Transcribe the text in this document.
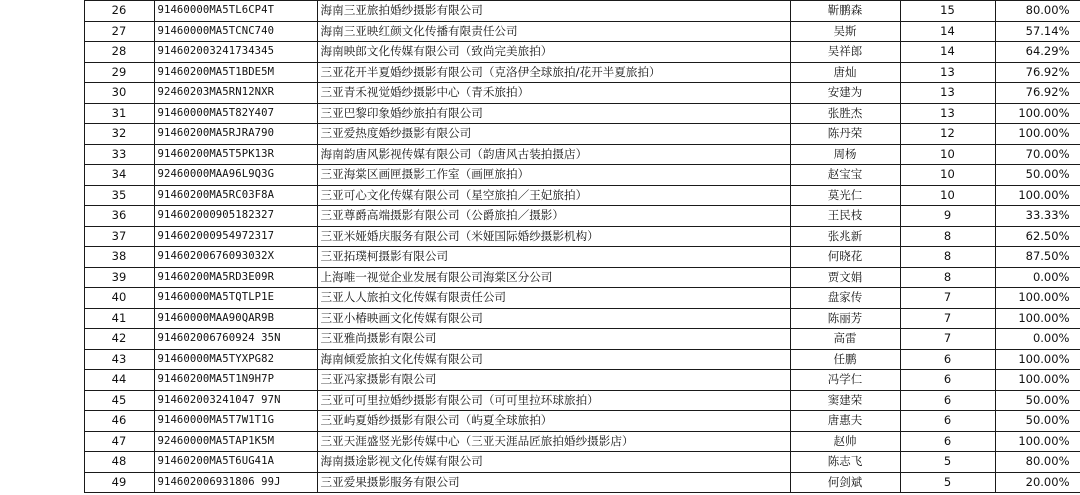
	26	91460000MA5TL6CP4T	海南三亚旅拍婚纱摄影有限公司	靳鹏森	15	80.00%
	27	91460000MA5TCNC740	海南三亚映红颜文化传播有限责任公司	吴斯	14	57.14%
	28	914602003241734345	海南映郎文化传媒有限公司（致尚完美旅拍）	吴祥郎	14	64.29%
	29	91460200MA5T1BDE5M	三亚花开半夏婚纱摄影有限公司（克洛伊全球旅拍/花开半夏旅拍）	唐灿	13	76.92%
	30	92460203MA5RN12NXR	三亚青禾视觉婚纱摄影中心（青禾旅拍）	安建为	13	76.92%
	31	91460000MA5T82Y407	三亚巴黎印象婚纱旅拍有限公司	张胜杰	13	100.00%
	32	91460200MA5RJRA790	三亚爱热度婚纱摄影有限公司	陈丹荣	12	100.00%
	33	91460200MA5T5PK13R	海南韵唐风影视传媒有限公司（韵唐风古装拍摄店）	周杨	10	70.00%
	34	92460000MAA96L9Q3G	三亚海棠区画匣摄影工作室（画匣旅拍）	赵宝宝	10	50.00%
	35	91460200MA5RC03F8A	三亚可心文化传媒有限公司（星空旅拍／王妃旅拍）	莫光仁	10	100.00%
	36	914602000905182327	三亚尊爵高端摄影有限公司（公爵旅拍／摄影）	王民枝	9	33.33%
	37	914602000954972317	三亚米娅婚庆服务有限公司（米娅国际婚纱摄影机构）	张兆新	8	62.50%
	38	91460200676093032X	三亚拓璞柯摄影有限公司	何晓花	8	87.50%
	39	91460200MA5RD3E09R	上海唯一视觉企业发展有限公司海棠区分公司	贾文娟	8	0.00%
	40	91460000MA5TQTLP1E	三亚人人旅拍文化传媒有限责任公司	盘家传	7	100.00%
	41	91460000MAA90QAR9B	三亚小椿映画文化传媒有限公司	陈丽芳	7	100.00%
	42	914602006760924 35N	三亚雅尚摄影有限公司	高雷	7	0.00%
	43	91460000MA5TYXPG82	海南倾爱旅拍文化传媒有限公司	任鹏	6	100.00%
	44	91460200MA5T1N9H7P	三亚冯家摄影有限公司	冯学仁	6	100.00%
	45	914602003241047 97N	三亚可可里拉婚纱摄影有限公司（可可里拉环球旅拍）	窦建荣	6	50.00%
	46	91460000MA5T7W1T1G	三亚屿夏婚纱摄影有限公司（屿夏全球旅拍）	唐惠夫	6	50.00%
	47	92460000MA5TAP1K5M	三亚天涯盛竖光影传媒中心（三亚天涯品匠旅拍婚纱摄影店）	赵帅	6	100.00%
	48	91460200MA5T6UG41A	海南摄途影视文化传媒有限公司	陈志飞	5	80.00%
	49	914602006931806 99J	三亚爱果摄影服务有限公司	何剑斌	5	20.00%
